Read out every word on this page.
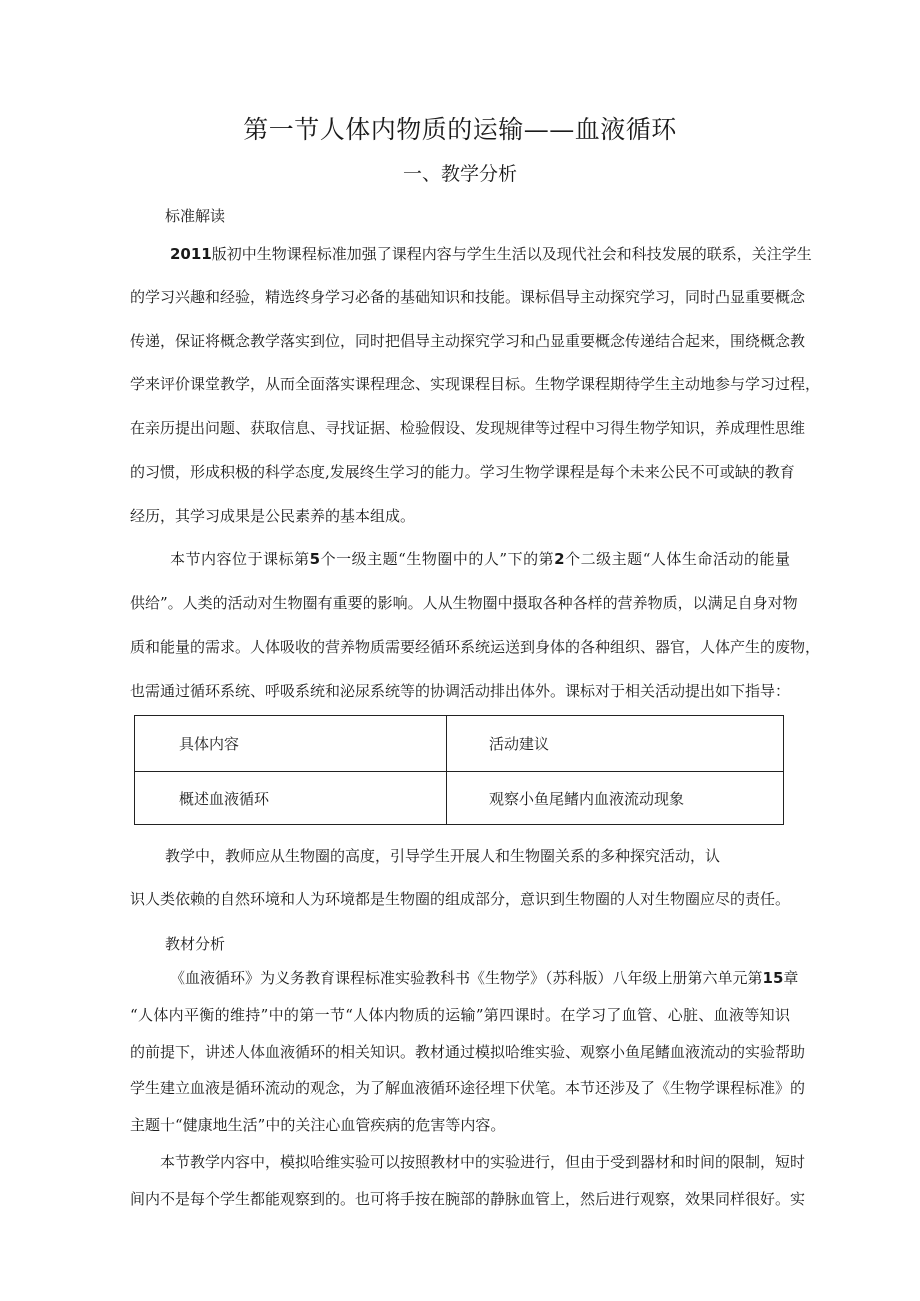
第一节人体内物质的运输——血液循环
一、教学分析
标准解读
2011版初中生物课程标准加强了课程内容与学生生活以及现代社会和科技发展的联系，关注学生
的学习兴趣和经验，精选终身学习必备的基础知识和技能。课标倡导主动探究学习，同时凸显重要概念
传递，保证将概念教学落实到位，同时把倡导主动探究学习和凸显重要概念传递结合起来，围绕概念教
学来评价课堂教学，从而全面落实课程理念、实现课程目标。生物学课程期待学生主动地参与学习过程，
在亲历提出问题、获取信息、寻找证据、检验假设、发现规律等过程中习得生物学知识，养成理性思维
的习惯，形成积极的科学态度,发展终生学习的能力。学习生物学课程是每个未来公民不可或缺的教育
经历，其学习成果是公民素养的基本组成。
本节内容位于课标第5个一级主题“生物圈中的人”下的第2个二级主题“人体生命活动的能量
供给”。人类的活动对生物圈有重要的影响。人从生物圈中摄取各种各样的营养物质，以满足自身对物
质和能量的需求。人体吸收的营养物质需要经循环系统运送到身体的各种组织、器官，人体产生的废物，
也需通过循环系统、呼吸系统和泌尿系统等的协调活动排出体外。课标对于相关活动提出如下指导：
具体内容	活动建议
概述血液循环	观察小鱼尾鳍内血液流动现象
教学中，教师应从生物圈的高度，引导学生开展人和生物圈关系的多种探究活动，认
识人类依赖的自然环境和人为环境都是生物圈的组成部分，意识到生物圈的人对生物圈应尽的责任。
教材分析
《血液循环》为义务教育课程标准实验教科书《生物学》（苏科版）八年级上册第六单元第15章
“人体内平衡的维持”中的第一节“人体内物质的运输”第四课时。在学习了血管、心脏、血液等知识
的前提下，讲述人体血液循环的相关知识。教材通过模拟哈维实验、观察小鱼尾鳍血液流动的实验帮助
学生建立血液是循环流动的观念，为了解血液循环途径埋下伏笔。本节还涉及了《生物学课程标准》的
主题十“健康地生活”中的关注心血管疾病的危害等内容。
本节教学内容中，模拟哈维实验可以按照教材中的实验进行，但由于受到器材和时间的限制，短时
间内不是每个学生都能观察到的。也可将手按在腕部的静脉血管上，然后进行观察，效果同样很好。实
